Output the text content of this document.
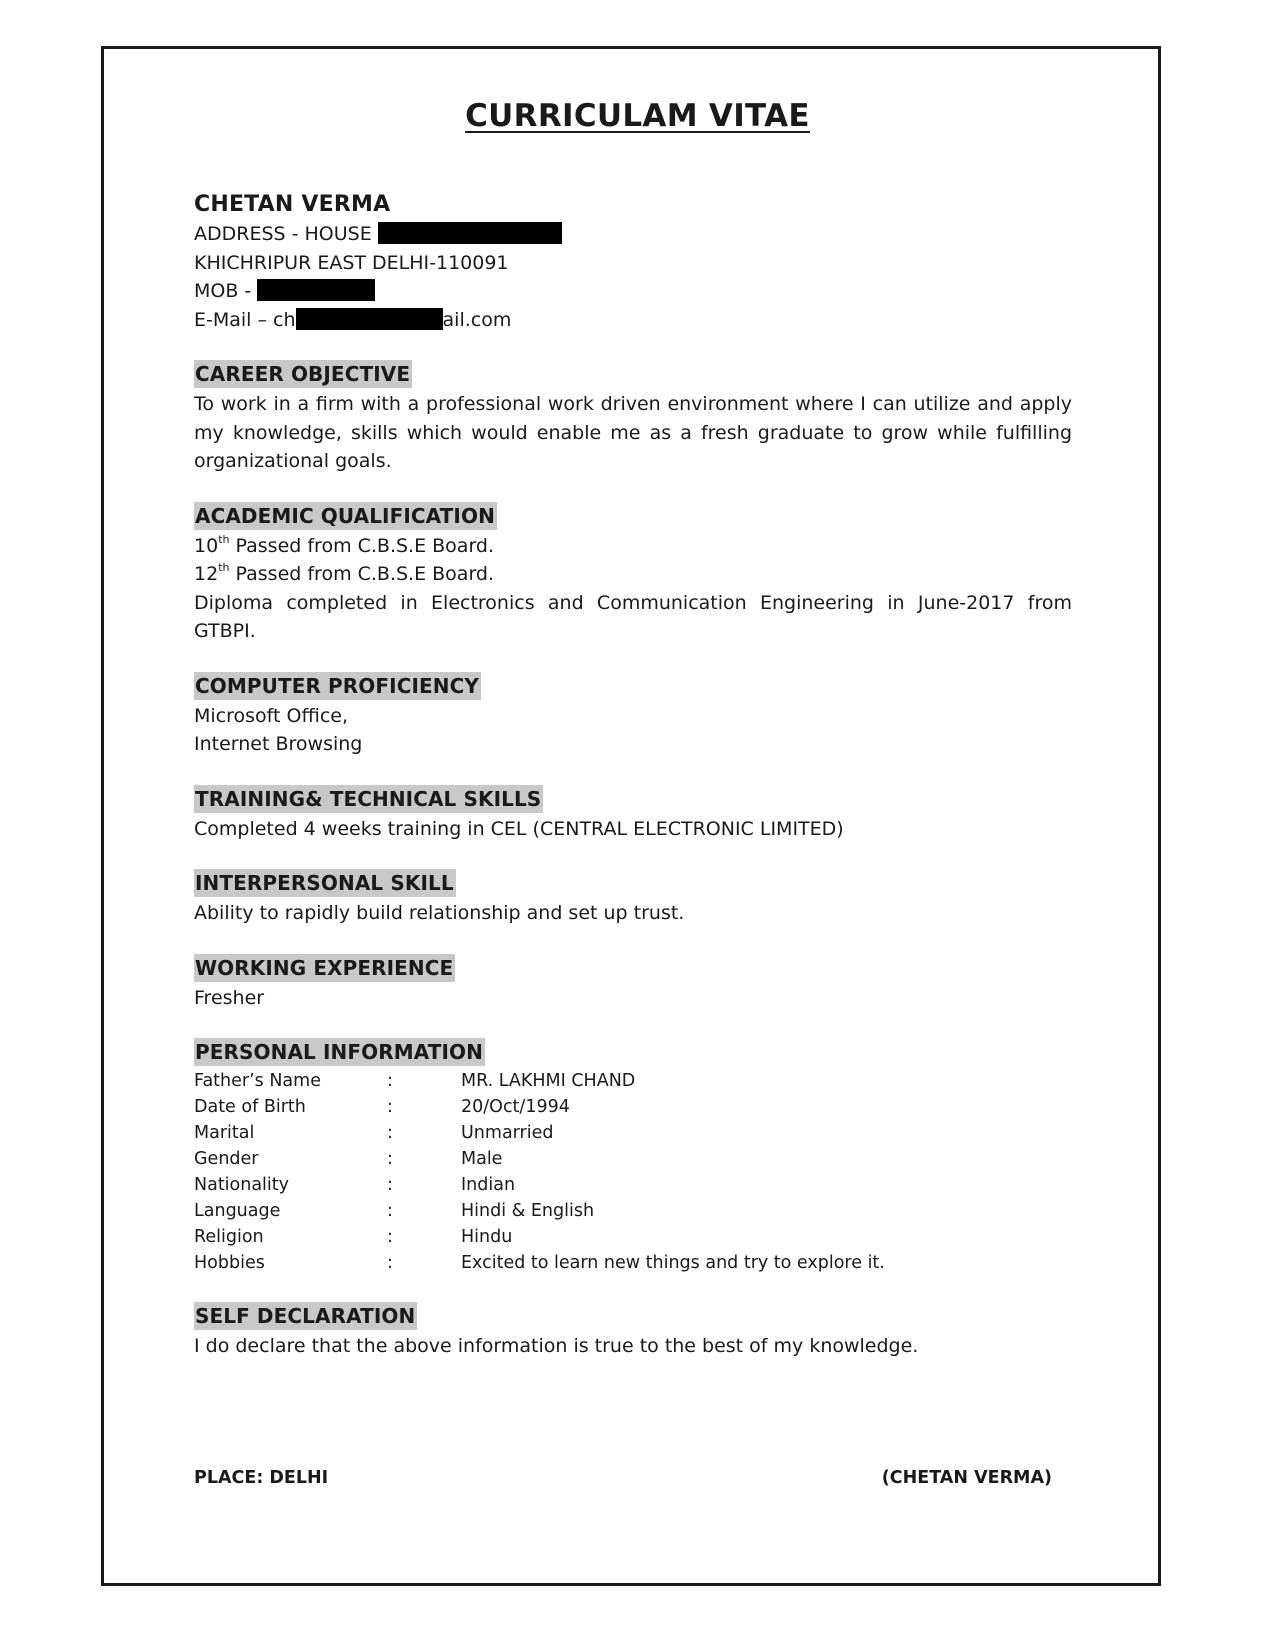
CURRICULAM VITAE
CHETAN VERMA
ADDRESS - HOUSE
KHICHRIPUR EAST DELHI-110091
MOB -
E-Mail – ch	ail.com
CAREER OBJECTIVE
To work in a firm with a professional work driven environment where I can utilize and apply my knowledge, skills which would enable me as a fresh graduate to grow while fulfilling organizational goals.
ACADEMIC QUALIFICATION
10th Passed from C.B.S.E Board.
12th Passed from C.B.S.E Board.
Diploma completed in Electronics and Communication Engineering in June-2017 from GTBPI.
COMPUTER PROFICIENCY
Microsoft Office,
Internet Browsing
TRAINING& TECHNICAL SKILLS
Completed 4 weeks training in CEL (CENTRAL ELECTRONIC LIMITED)
INTERPERSONAL SKILL
Ability to rapidly build relationship and set up trust.
WORKING EXPERIENCE
Fresher
PERSONAL INFORMATION
Father’s Name	:	MR. LAKHMI CHAND
Date of Birth	:	20/Oct/1994
Marital	:	Unmarried
Gender	:	Male
Nationality	:	Indian
Language	:	Hindi & English
Religion	:	Hindu
Hobbies	:	Excited to learn new things and try to explore it.
SELF DECLARATION
I do declare that the above information is true to the best of my knowledge.
PLACE: DELHI	(CHETAN VERMA)
